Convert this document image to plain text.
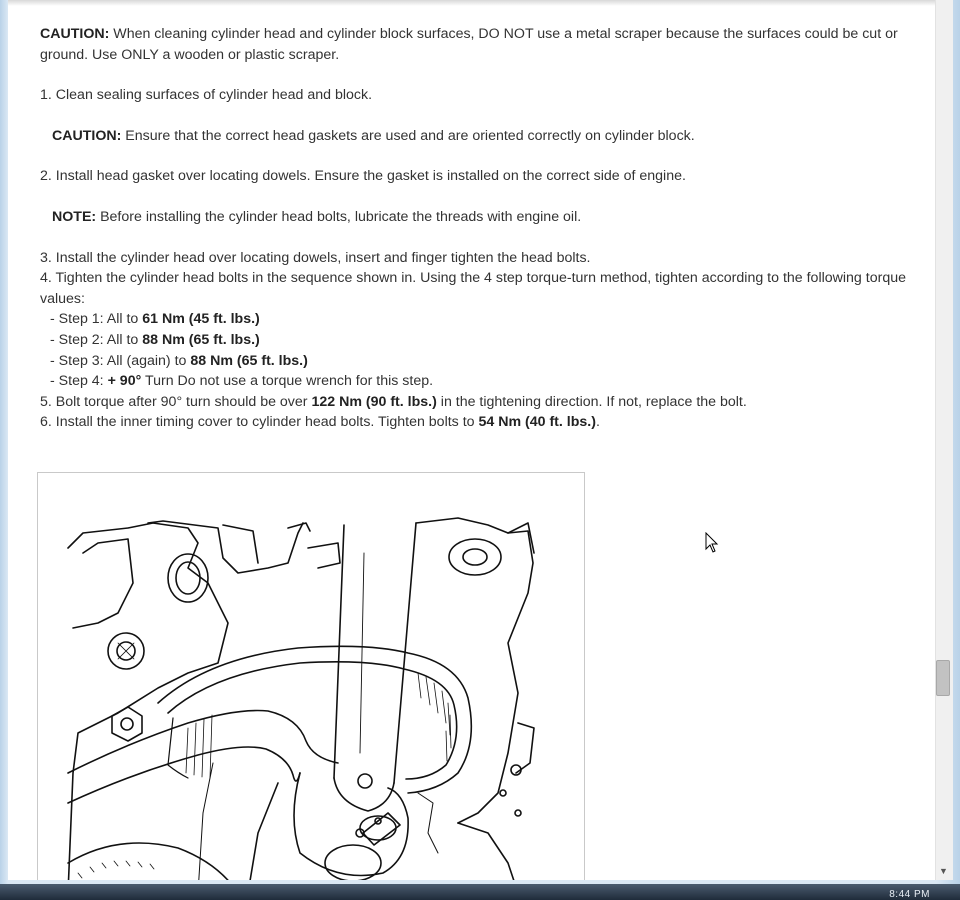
CAUTION: When cleaning cylinder head and cylinder block surfaces, DO NOT use a metal scraper because the surfaces could be cut or ground. Use ONLY a wooden or plastic scraper.

1. Clean sealing surfaces of cylinder head and block.

CAUTION: Ensure that the correct head gaskets are used and are oriented correctly on cylinder block.

2. Install head gasket over locating dowels. Ensure the gasket is installed on the correct side of engine.

NOTE: Before installing the cylinder head bolts, lubricate the threads with engine oil.

3. Install the cylinder head over locating dowels, insert and finger tighten the head bolts.

4. Tighten the cylinder head bolts in the sequence shown in. Using the 4 step torque-turn method, tighten according to the following torque values:

- Step 1: All to 61 Nm (45 ft. lbs.)

- Step 2: All to 88 Nm (65 ft. lbs.)

- Step 3: All (again) to 88 Nm (65 ft. lbs.)

- Step 4: + 90° Turn Do not use a torque wrench for this step.

5. Bolt torque after 90° turn should be over 122 Nm (90 ft. lbs.) in the tightening direction. If not, replace the bolt.

6. Install the inner timing cover to cylinder head bolts. Tighten bolts to 54 Nm (40 ft. lbs.).

▼
8:44 PM
